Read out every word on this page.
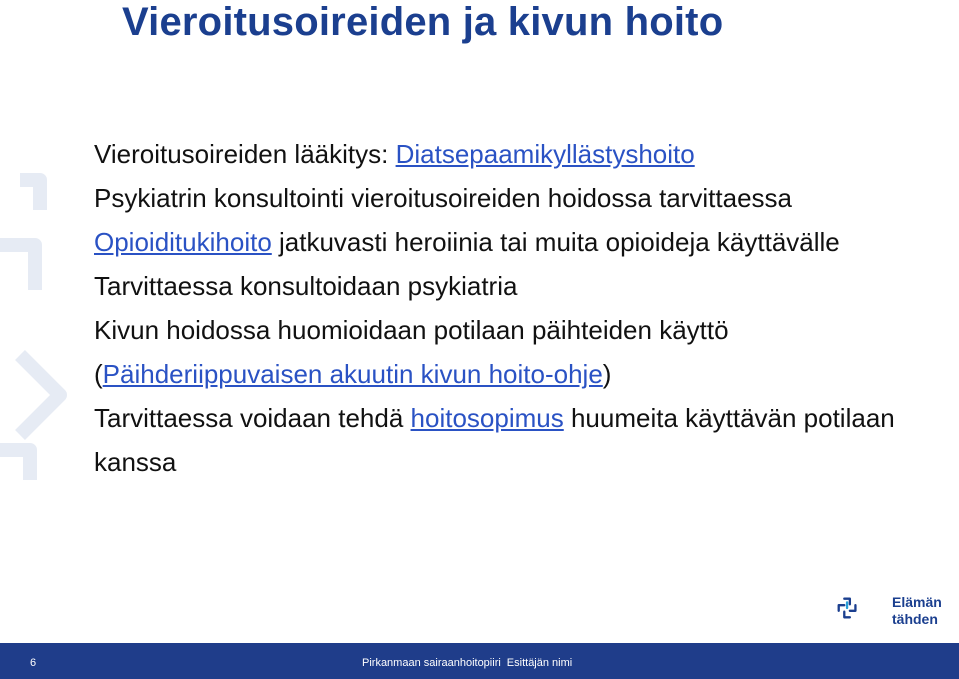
Vieroitusoireiden ja kivun hoito
Vieroitusoireiden lääkitys: Diatsepaamikyllästyshoito
Psykiatrin konsultointi vieroitusoireiden hoidossa tarvittaessa
Opioiditukihoito jatkuvasti heroiinia tai muita opioideja käyttävälle
Tarvittaessa konsultoidaan psykiatria
Kivun hoidossa huomioidaan potilaan päihteiden käyttö (Päihderiippuvaisen akuutin kivun hoito-ohje)
Tarvittaessa voidaan tehdä hoitosopimus huumeita käyttävän potilaan kanssa
Elämän
tähden
6	Pirkanmaan sairaanhoitopiiri Esittäjän nimi
